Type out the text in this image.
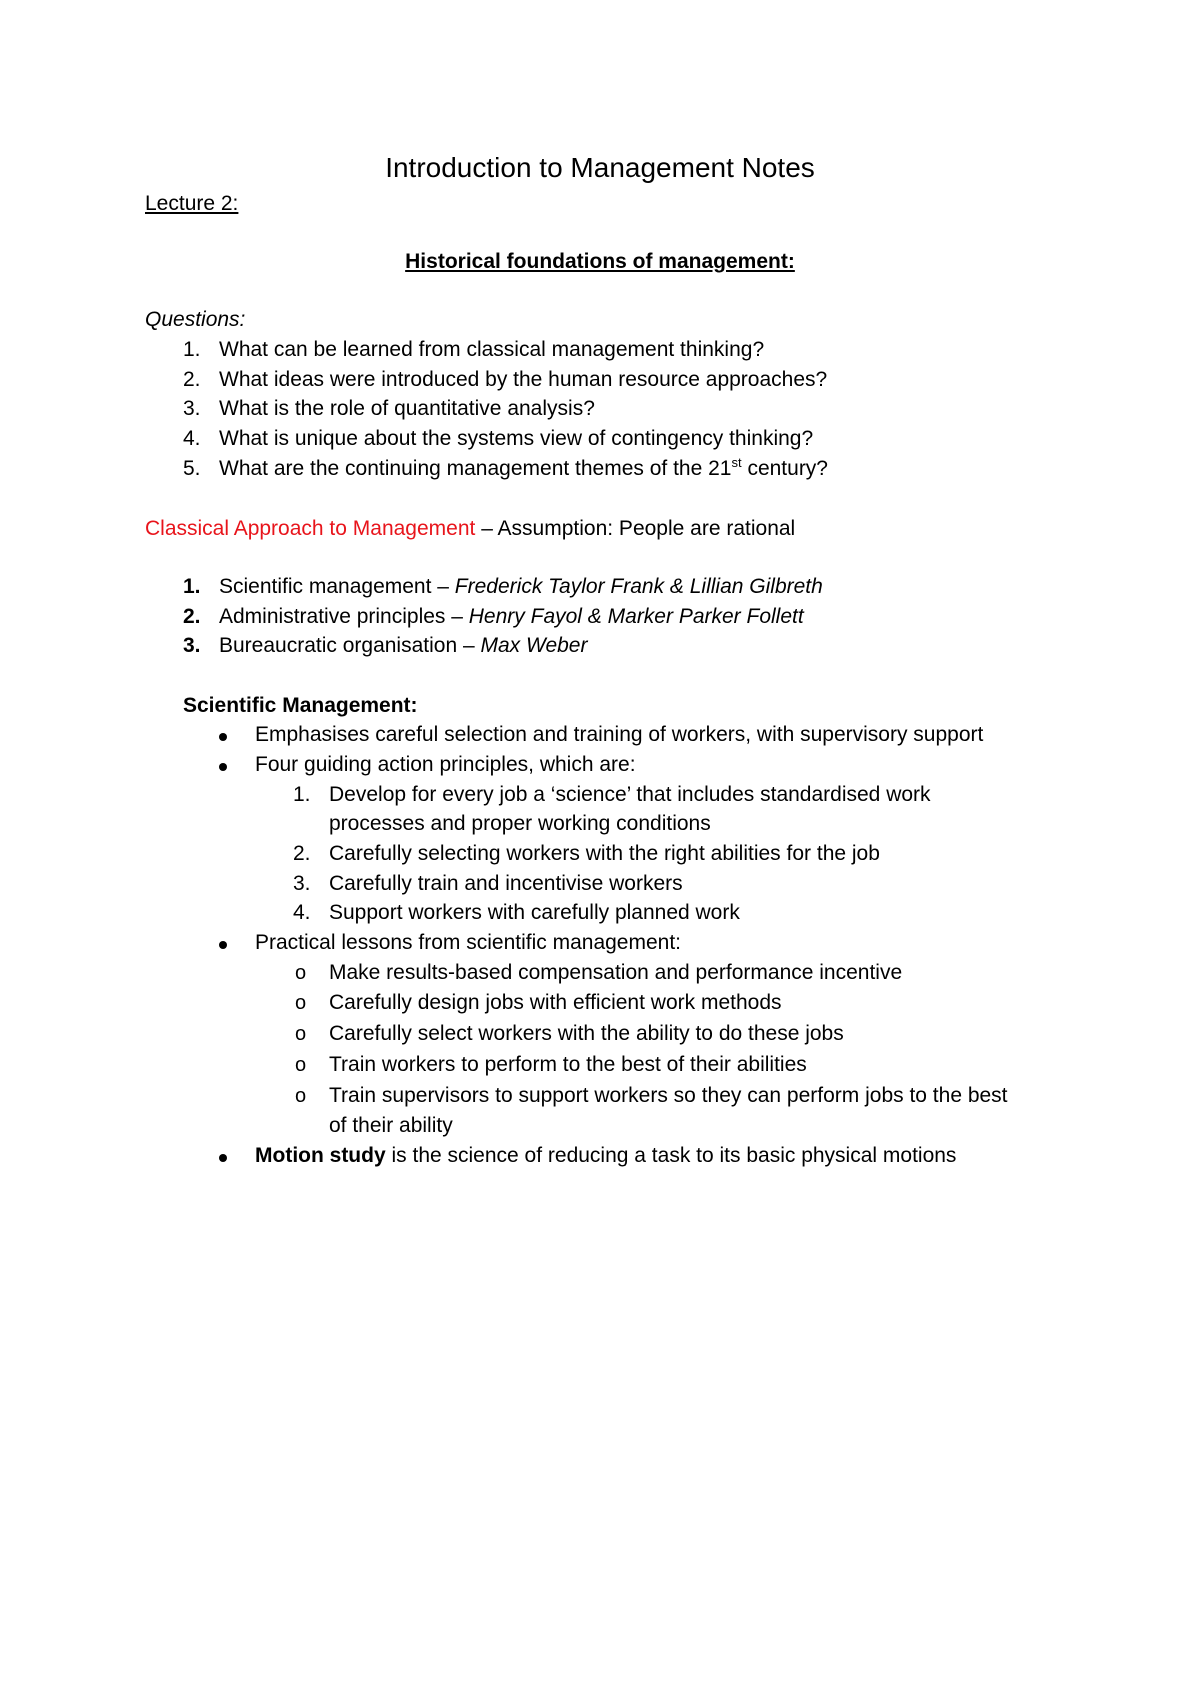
Introduction to Management Notes
Lecture 2:
Historical foundations of management:
Questions:
1. What can be learned from classical management thinking?
2. What ideas were introduced by the human resource approaches?
3. What is the role of quantitative analysis?
4. What is unique about the systems view of contingency thinking?
5. What are the continuing management themes of the 21st century?
Classical Approach to Management – Assumption: People are rational
1. Scientific management – Frederick Taylor Frank & Lillian Gilbreth
2. Administrative principles – Henry Fayol & Marker Parker Follett
3. Bureaucratic organisation – Max Weber
Scientific Management:
Emphasises careful selection and training of workers, with supervisory support
Four guiding action principles, which are:
1. Develop for every job a ‘science’ that includes standardised work
processes and proper working conditions
2. Carefully selecting workers with the right abilities for the job
3. Carefully train and incentivise workers
4. Support workers with carefully planned work
Practical lessons from scientific management:
o Make results-based compensation and performance incentive
o Carefully design jobs with efficient work methods
o Carefully select workers with the ability to do these jobs
o Train workers to perform to the best of their abilities
o Train supervisors to support workers so they can perform jobs to the best
of their ability
Motion study is the science of reducing a task to its basic physical motions
